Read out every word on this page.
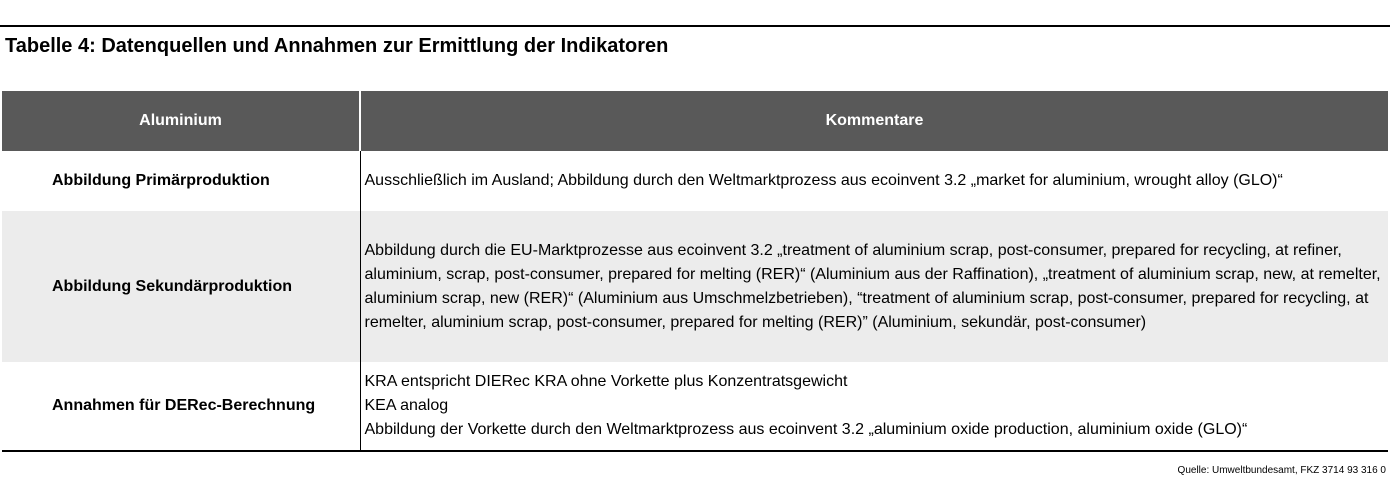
Tabelle 4: Datenquellen und Annahmen zur Ermittlung der Indikatoren
Aluminium	Kommentare
Abbildung Primärproduktion	Ausschließlich im Ausland; Abbildung durch den Weltmarktprozess aus ecoinvent 3.2 „market for aluminium, wrought alloy (GLO)“
Abbildung Sekundärproduktion	Abbildung durch die EU-Marktprozesse aus ecoinvent 3.2 „treatment of aluminium scrap, post-consumer, prepared for recycling, at refiner, aluminium, scrap, post-consumer, prepared for melting (RER)“ (Aluminium aus der Raffination), „treatment of aluminium scrap, new, at remelter, aluminium scrap, new (RER)“ (Aluminium aus Umschmelzbetrieben), “treatment of aluminium scrap, post-consumer, prepared for recycling, at remelter, aluminium scrap, post-consumer, prepared for melting (RER)” (Aluminium, sekundär, post-consumer)
Annahmen für DERec-Berechnung	KRA entspricht DIERec KRA ohne Vorkette plus Konzentratsgewicht
KEA analog
Abbildung der Vorkette durch den Weltmarktprozess aus ecoinvent 3.2 „aluminium oxide production, aluminium oxide (GLO)“
Quelle: Umweltbundesamt, FKZ 3714 93 316 0
